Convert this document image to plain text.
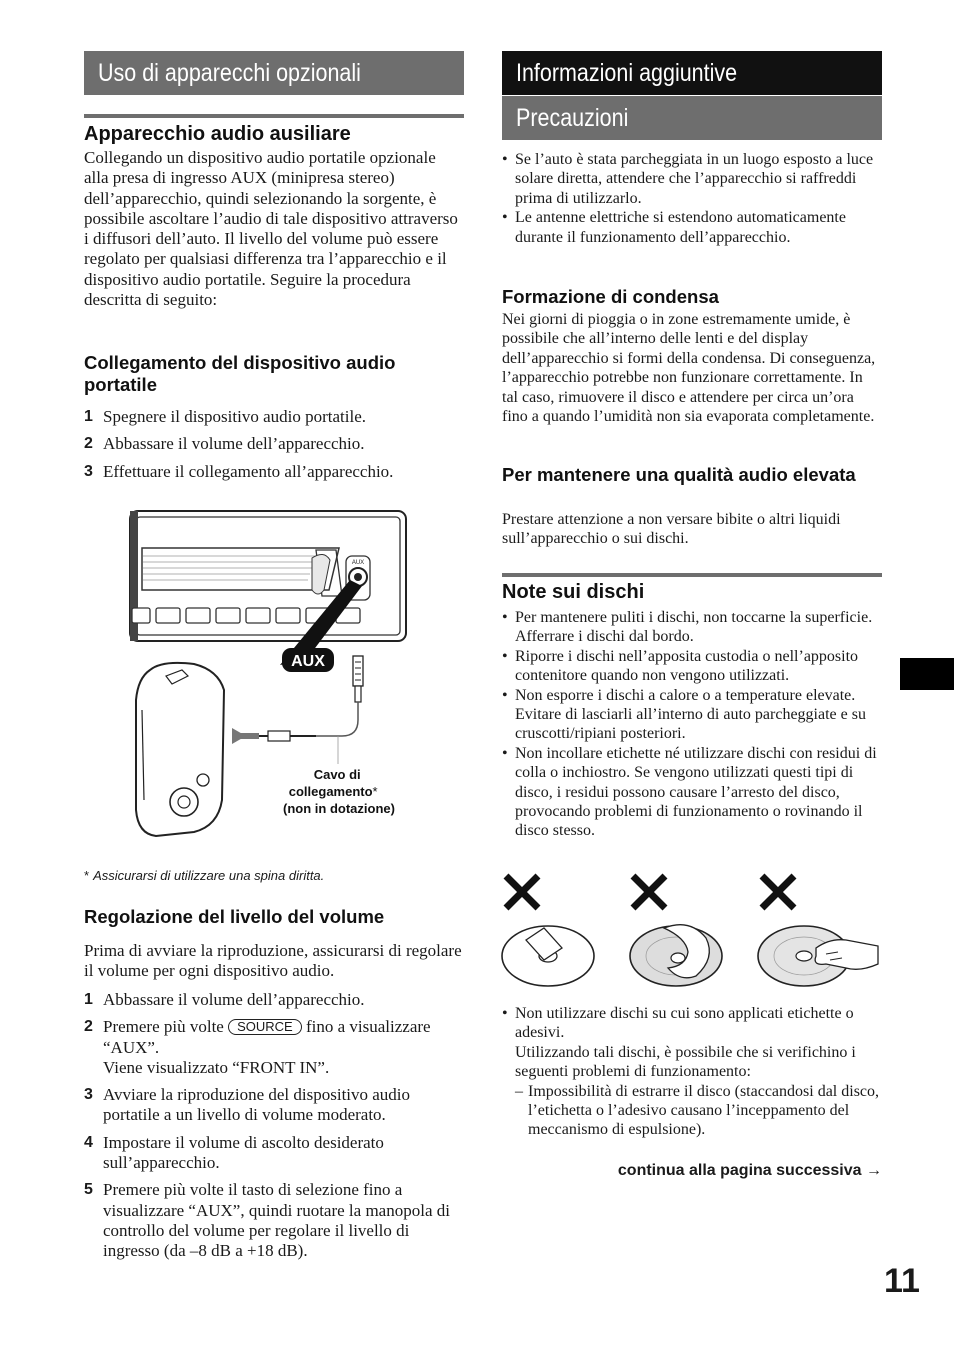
Uso di apparecchi opzionali
Apparecchio audio ausiliare

Collegando un dispositivo audio portatile opzionale alla presa di ingresso AUX (minipresa stereo) dell’apparecchio, quindi selezionando la sorgente, è possibile ascoltare l’audio di tale dispositivo attraverso i diffusori dell’auto. Il livello del volume può essere regolato per qualsiasi differenza tra l’apparecchio e il dispositivo audio portatile. Seguire la procedura descritta di seguito:

Collegamento del dispositivo audio portatile
1 Spegnere il dispositivo audio portatile.
2 Abbassare il volume dell’apparecchio.
3 Effettuare il collegamento all’apparecchio.
AUX
AUX
Cavo di collegamento* (non in dotazione)
* Assicurarsi di utilizzare una spina diritta.
Regolazione del livello del volume

Prima di avviare la riproduzione, assicurarsi di regolare il volume per ogni dispositivo audio.

1 Abbassare il volume dell’apparecchio.
2 Premere più volte SOURCE fino a visualizzare “AUX”.
Viene visualizzato “FRONT IN”.
3 Avviare la riproduzione del dispositivo audio portatile a un livello di volume moderato.
4 Impostare il volume di ascolto desiderato sull’apparecchio.
5 Premere più volte il tasto di selezione fino a visualizzare “AUX”, quindi ruotare la manopola di controllo del volume per regolare il livello di ingresso (da –8 dB a +18 dB).
Informazioni aggiuntive
Precauzioni
• Se l’auto è stata parcheggiata in un luogo esposto a luce solare diretta, attendere che l’apparecchio si raffreddi prima di utilizzarlo.
• Le antenne elettriche si estendono automaticamente durante il funzionamento dell’apparecchio.
Formazione di condensa

Nei giorni di pioggia o in zone estremamente umide, è possibile che all’interno delle lenti e del display dell’apparecchio si formi della condensa. Di conseguenza, l’apparecchio potrebbe non funzionare correttamente. In tal caso, rimuovere il disco e attendere per circa un’ora fino a quando l’umidità non sia evaporata completamente.

Per mantenere una qualità audio elevata

Prestare attenzione a non versare bibite o altri liquidi sull’apparecchio o sui dischi.

Note sui dischi
• Per mantenere puliti i dischi, non toccarne la superficie. Afferrare i dischi dal bordo.
• Riporre i dischi nell’apposita custodia o nell’apposito contenitore quando non vengono utilizzati.
• Non esporre i dischi a calore o a temperature elevate. Evitare di lasciarli all’interno di auto parcheggiate e su cruscotti/ripiani posteriori.
• Non incollare etichette né utilizzare dischi con residui di colla o inchiostro. Se vengono utilizzati questi tipi di disco, i residui possono causare l’arresto del disco, provocando problemi di funzionamento o rovinando il disco stesso.
• Non utilizzare dischi su cui sono applicati etichette o adesivi.
Utilizzando tali dischi, è possibile che si verifichino i seguenti problemi di funzionamento:
– Impossibilità di estrarre il disco (staccandosi dal disco, l’etichetta o l’adesivo causano l’inceppamento del meccanismo di espulsione).
continua alla pagina successiva →
11
